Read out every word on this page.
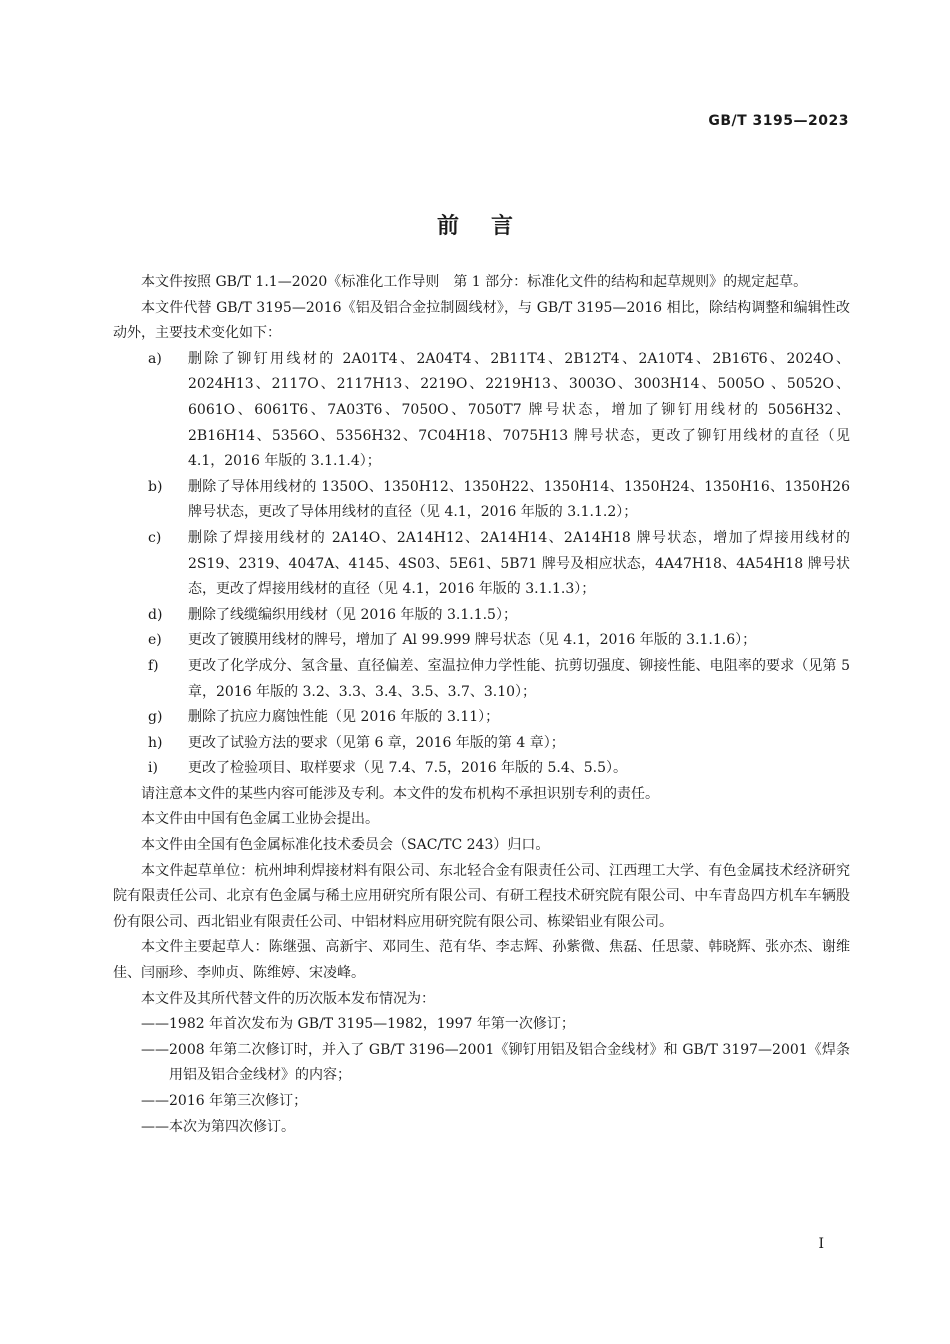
GB/T 3195—2023
前言

本文件按照 GB/T 1.1—2020《标准化工作导则　第 1 部分：标准化文件的结构和起草规则》的规定起草。

本文件代替 GB/T 3195—2016《铝及铝合金拉制圆线材》，与 GB/T 3195—2016 相比，除结构调整和编辑性改动外，主要技术变化如下：

a) 删除了铆钉用线材的 2A01T4、2A04T4、2B11T4、2B12T4、2A10T4、2B16T6、2024O、2024H13、2117O、2117H13、2219O、2219H13、3003O、3003H14、5005O 、5052O、6061O、6061T6、7A03T6、7050O、7050T7 牌号状态，增加了铆钉用线材的 5056H32、2B16H14、5356O、5356H32、7C04H18、7075H13 牌号状态，更改了铆钉用线材的直径（见 4.1，2016 年版的 3.1.1.4）；
b) 删除了导体用线材的 1350O、1350H12、1350H22、1350H14、1350H24、1350H16、1350H26 牌号状态，更改了导体用线材的直径（见 4.1，2016 年版的 3.1.1.2）；
c) 删除了焊接用线材的 2A14O、2A14H12、2A14H14、2A14H18 牌号状态，增加了焊接用线材的 2S19、2319、4047A、4145、4S03、5E61、5B71 牌号及相应状态，4A47H18、4A54H18 牌号状态，更改了焊接用线材的直径（见 4.1，2016 年版的 3.1.1.3）；
d) 删除了线缆编织用线材（见 2016 年版的 3.1.1.5）；
e) 更改了镀膜用线材的牌号，增加了 Al 99.999 牌号状态（见 4.1，2016 年版的 3.1.1.6）；
f) 更改了化学成分、氢含量、直径偏差、室温拉伸力学性能、抗剪切强度、铆接性能、电阻率的要求（见第 5 章，2016 年版的 3.2、3.3、3.4、3.5、3.7、3.10）；
g) 删除了抗应力腐蚀性能（见 2016 年版的 3.11）；
h) 更改了试验方法的要求（见第 6 章，2016 年版的第 4 章）；
i) 更改了检验项目、取样要求（见 7.4、7.5，2016 年版的 5.4、5.5）。

请注意本文件的某些内容可能涉及专利。本文件的发布机构不承担识别专利的责任。

本文件由中国有色金属工业协会提出。

本文件由全国有色金属标准化技术委员会（SAC/TC 243）归口。

本文件起草单位：杭州坤利焊接材料有限公司、东北轻合金有限责任公司、江西理工大学、有色金属技术经济研究院有限责任公司、北京有色金属与稀土应用研究所有限公司、有研工程技术研究院有限公司、中车青岛四方机车车辆股份有限公司、西北铝业有限责任公司、中铝材料应用研究院有限公司、栋梁铝业有限公司。

本文件主要起草人：陈继强、高新宇、邓同生、范有华、李志辉、孙紫微、焦磊、任思蒙、韩晓辉、张亦杰、谢维佳、闫丽珍、李帅贞、陈维婷、宋凌峰。

本文件及其所代替文件的历次版本发布情况为：

—— 1982 年首次发布为 GB/T 3195—1982，1997 年第一次修订；
—— 2008 年第二次修订时，并入了 GB/T 3196—2001《铆钉用铝及铝合金线材》和 GB/T 3197—2001《焊条用铝及铝合金线材》的内容；
—— 2016 年第三次修订；
—— 本次为第四次修订。
I
